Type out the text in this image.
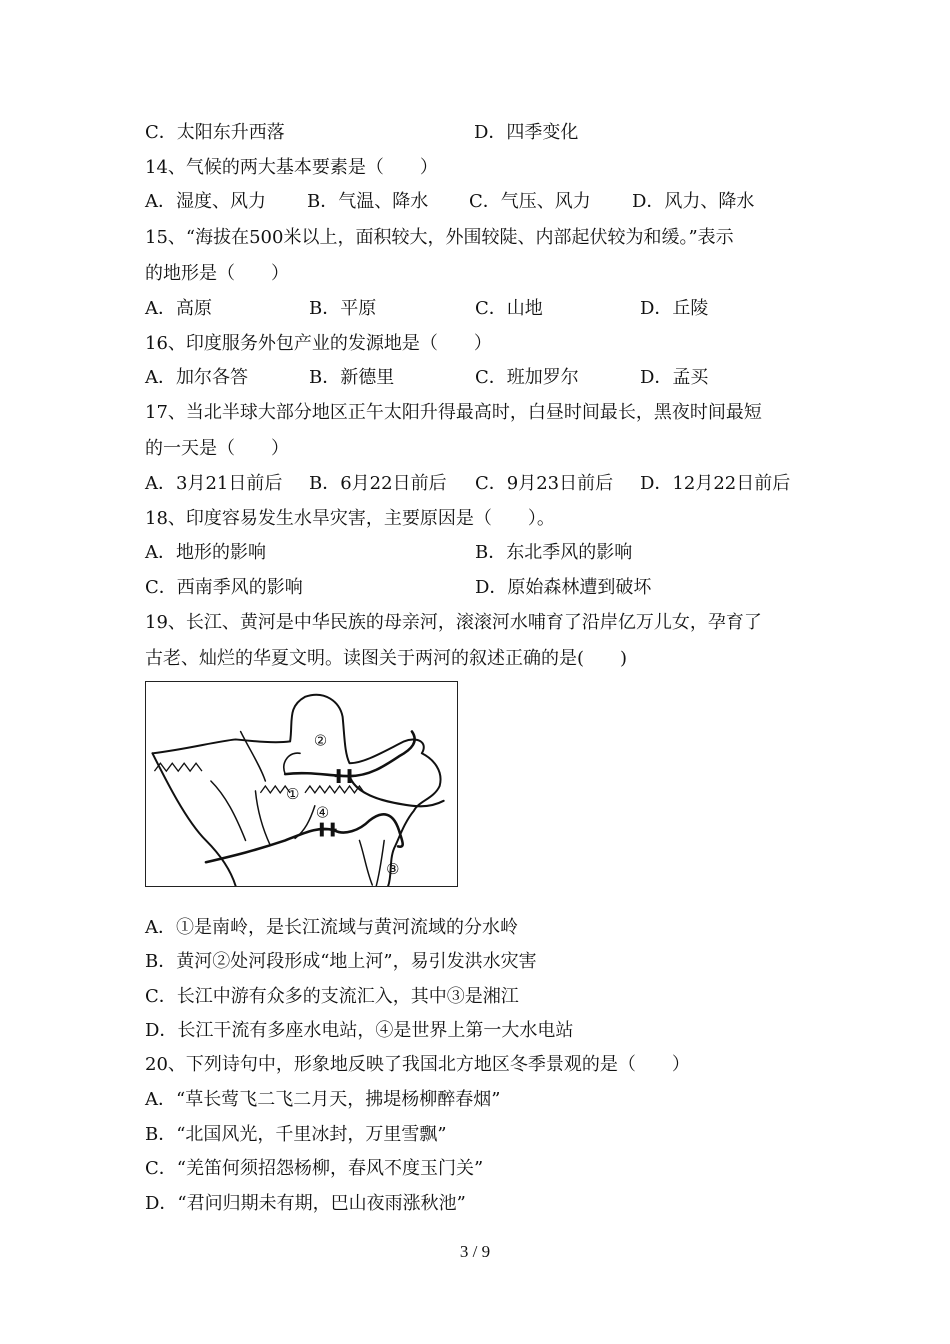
C．太阳东升西落	D．四季变化
14、气候的两大基本要素是（　　）
A．湿度、风力 B．气温、降水 C．气压、风力 D．风力、降水
15、“海拔在500米以上，面积较大，外围较陡、内部起伏较为和缓。”表示
的地形是（　　）
A．高原	B．平原	C．山地	D．丘陵
16、印度服务外包产业的发源地是（　　）
A．加尔各答	B．新德里	C．班加罗尔	D．孟买
17、当北半球大部分地区正午太阳升得最高时，白昼时间最长，黑夜时间最短
的一天是（　　）
A．3月21日前后 B．6月22日前后 C．9月23日前后 D．12月22日前后
18、印度容易发生水旱灾害，主要原因是（　　）。
A．地形的影响	B．东北季风的影响
C．西南季风的影响	D．原始森林遭到破坏
19、长江、黄河是中华民族的母亲河，滚滚河水哺育了沿岸亿万儿女，孕育了
古老、灿烂的华夏文明。读图关于两河的叙述正确的是(　　)
①
②
③
④
A．①是南岭，是长江流域与黄河流域的分水岭
B．黄河②处河段形成“地上河”，易引发洪水灾害
C．长江中游有众多的支流汇入，其中③是湘江
D．长江干流有多座水电站，④是世界上第一大水电站
20、下列诗句中，形象地反映了我国北方地区冬季景观的是（　　）
A．“草长莺飞二飞二月天，拂堤杨柳醉春烟”
B．“北国风光，千里冰封，万里雪飘”
C．“羌笛何须招怨杨柳，春风不度玉门关”
D．“君问归期未有期，巴山夜雨涨秋池”
3 / 9
